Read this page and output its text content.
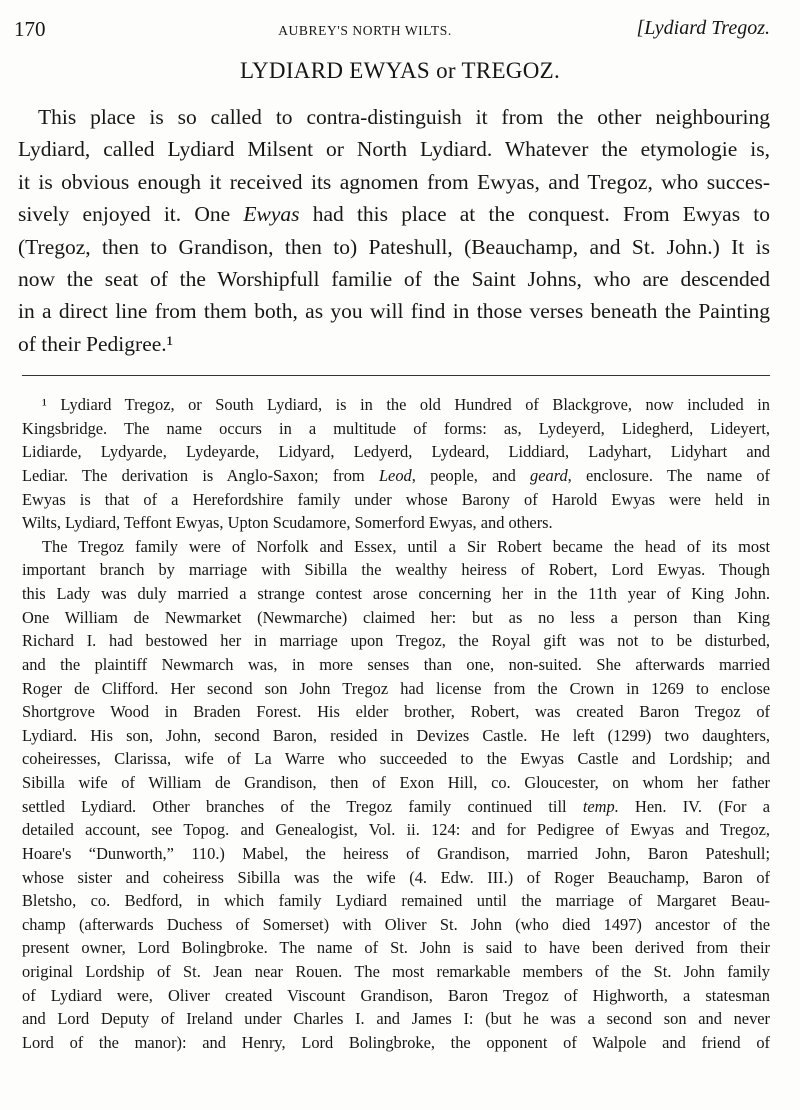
170	AUBREY'S NORTH WILTS.	[Lydiard Tregoz.
LYDIARD EWYAS or TREGOZ.
This place is so called to contra-distinguish it from the other neighbouring
Lydiard, called Lydiard Milsent or North Lydiard. Whatever the etymologie is,
it is obvious enough it received its agnomen from Ewyas, and Tregoz, who succes-
sively enjoyed it. One Ewyas had this place at the conquest. From Ewyas to
(Tregoz, then to Grandison, then to) Pateshull, (Beauchamp, and St. John.) It is
now the seat of the Worshipfull familie of the Saint Johns, who are descended
in a direct line from them both, as you will find in those verses beneath the Painting
of their Pedigree.¹
¹ Lydiard Tregoz, or South Lydiard, is in the old Hundred of Blackgrove, now included in
Kingsbridge. The name occurs in a multitude of forms: as, Lydeyerd, Lidegherd, Lideyert,
Lidiarde, Lydyarde, Lydeyarde, Lidyard, Ledyerd, Lydeard, Liddiard, Ladyhart, Lidyhart and
Lediar. The derivation is Anglo-Saxon; from Leod, people, and geard, enclosure. The name of
Ewyas is that of a Herefordshire family under whose Barony of Harold Ewyas were held in
Wilts, Lydiard, Teffont Ewyas, Upton Scudamore, Somerford Ewyas, and others.
The Tregoz family were of Norfolk and Essex, until a Sir Robert became the head of its most
important branch by marriage with Sibilla the wealthy heiress of Robert, Lord Ewyas. Though
this Lady was duly married a strange contest arose concerning her in the 11th year of King John.
One William de Newmarket (Newmarche) claimed her: but as no less a person than King
Richard I. had bestowed her in marriage upon Tregoz, the Royal gift was not to be disturbed,
and the plaintiff Newmarch was, in more senses than one, non-suited. She afterwards married
Roger de Clifford. Her second son John Tregoz had license from the Crown in 1269 to enclose
Shortgrove Wood in Braden Forest. His elder brother, Robert, was created Baron Tregoz of
Lydiard. His son, John, second Baron, resided in Devizes Castle. He left (1299) two daughters,
coheiresses, Clarissa, wife of La Warre who succeeded to the Ewyas Castle and Lordship; and
Sibilla wife of William de Grandison, then of Exon Hill, co. Gloucester, on whom her father
settled Lydiard. Other branches of the Tregoz family continued till temp. Hen. IV. (For a
detailed account, see Topog. and Genealogist, Vol. ii. 124: and for Pedigree of Ewyas and Tregoz,
Hoare's “Dunworth,” 110.) Mabel, the heiress of Grandison, married John, Baron Pateshull;
whose sister and coheiress Sibilla was the wife (4. Edw. III.) of Roger Beauchamp, Baron of
Bletsho, co. Bedford, in which family Lydiard remained until the marriage of Margaret Beau-
champ (afterwards Duchess of Somerset) with Oliver St. John (who died 1497) ancestor of the
present owner, Lord Bolingbroke. The name of St. John is said to have been derived from their
original Lordship of St. Jean near Rouen. The most remarkable members of the St. John family
of Lydiard were, Oliver created Viscount Grandison, Baron Tregoz of Highworth, a statesman
and Lord Deputy of Ireland under Charles I. and James I: (but he was a second son and never
Lord of the manor): and Henry, Lord Bolingbroke, the opponent of Walpole and friend of
